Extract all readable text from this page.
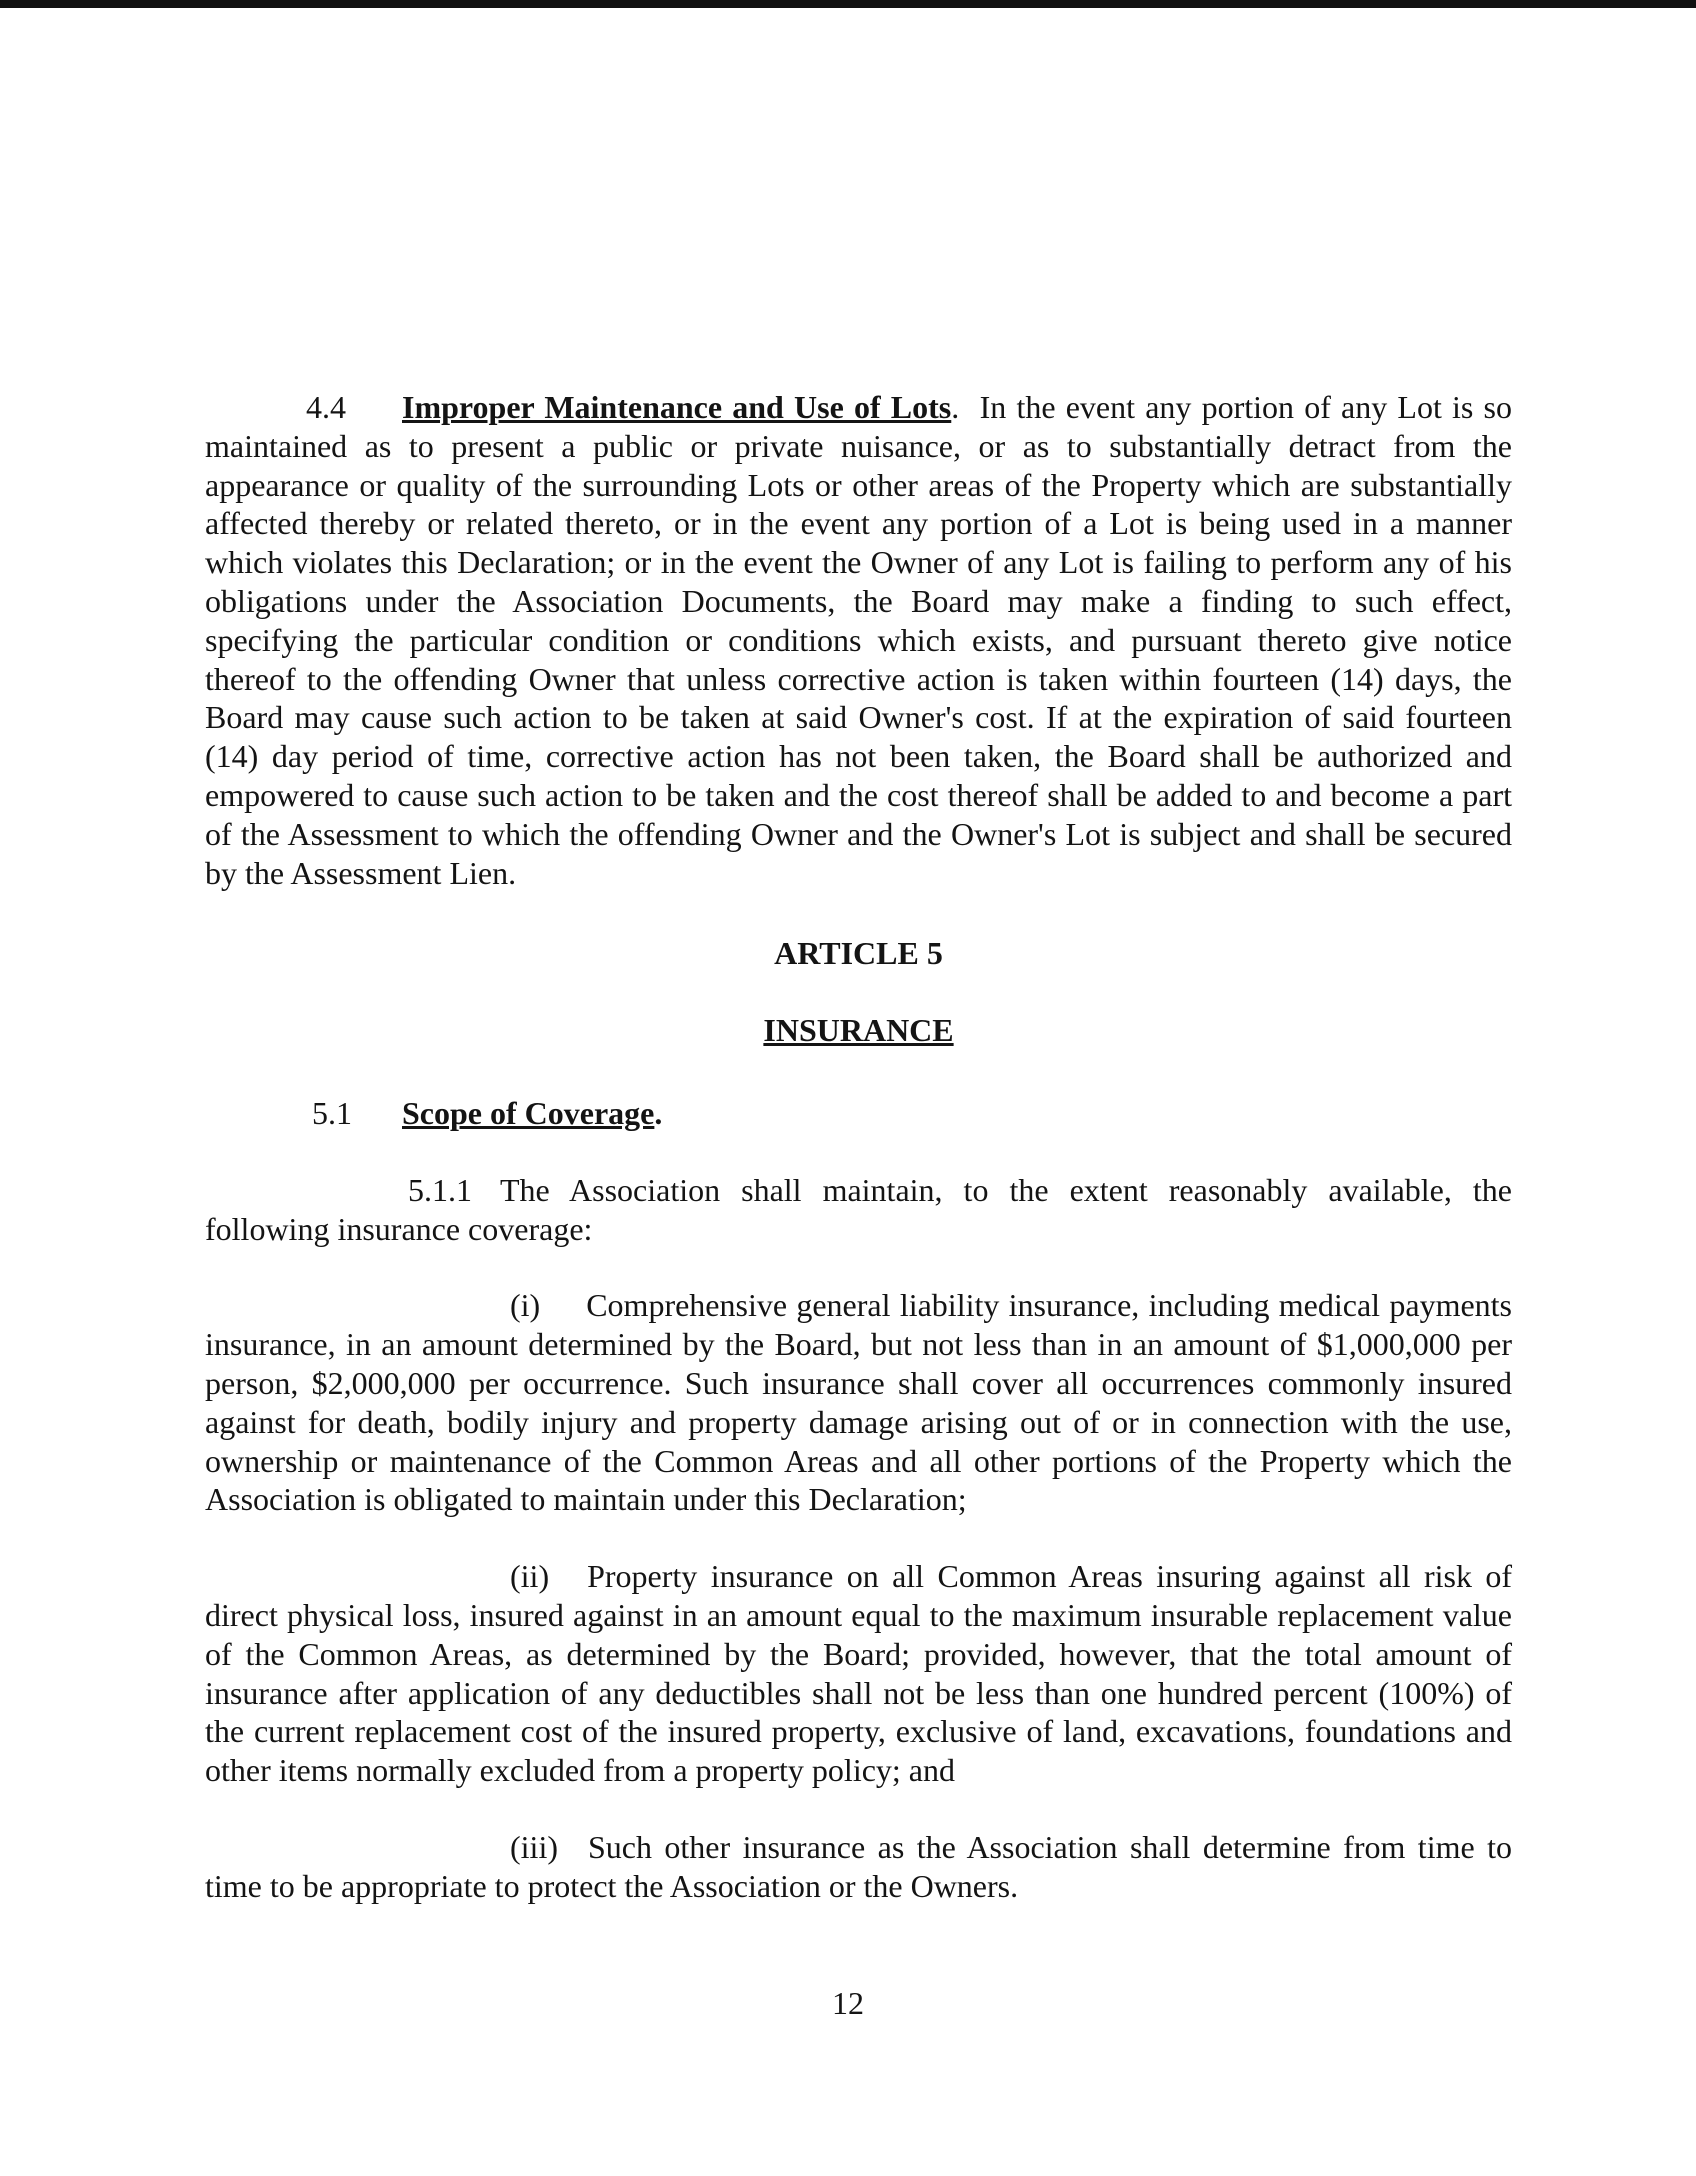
4.4 Improper Maintenance and Use of Lots. In the event any portion of any Lot is so maintained as to present a public or private nuisance, or as to substantially detract from the appearance or quality of the surrounding Lots or other areas of the Property which are substantially affected thereby or related thereto, or in the event any portion of a Lot is being used in a manner which violates this Declaration; or in the event the Owner of any Lot is failing to perform any of his obligations under the Association Documents, the Board may make a finding to such effect, specifying the particular condition or conditions which exists, and pursuant thereto give notice thereof to the offending Owner that unless corrective action is taken within fourteen (14) days, the Board may cause such action to be taken at said Owner's cost. If at the expiration of said fourteen (14) day period of time, corrective action has not been taken, the Board shall be authorized and empowered to cause such action to be taken and the cost thereof shall be added to and become a part of the Assessment to which the offending Owner and the Owner's Lot is subject and shall be secured by the Assessment Lien.

ARTICLE 5

INSURANCE

5.1 Scope of Coverage.

5.1.1 The Association shall maintain, to the extent reasonably available, the following insurance coverage:

(i) Comprehensive general liability insurance, including medical payments insurance, in an amount determined by the Board, but not less than in an amount of $1,000,000 per person, $2,000,000 per occurrence. Such insurance shall cover all occurrences commonly insured against for death, bodily injury and property damage arising out of or in connection with the use, ownership or maintenance of the Common Areas and all other portions of the Property which the Association is obligated to maintain under this Declaration;

(ii) Property insurance on all Common Areas insuring against all risk of direct physical loss, insured against in an amount equal to the maximum insurable replacement value of the Common Areas, as determined by the Board; provided, however, that the total amount of insurance after application of any deductibles shall not be less than one hundred percent (100%) of the current replacement cost of the insured property, exclusive of land, excavations, foundations and other items normally excluded from a property policy; and

(iii) Such other insurance as the Association shall determine from time to time to be appropriate to protect the Association or the Owners.

12
